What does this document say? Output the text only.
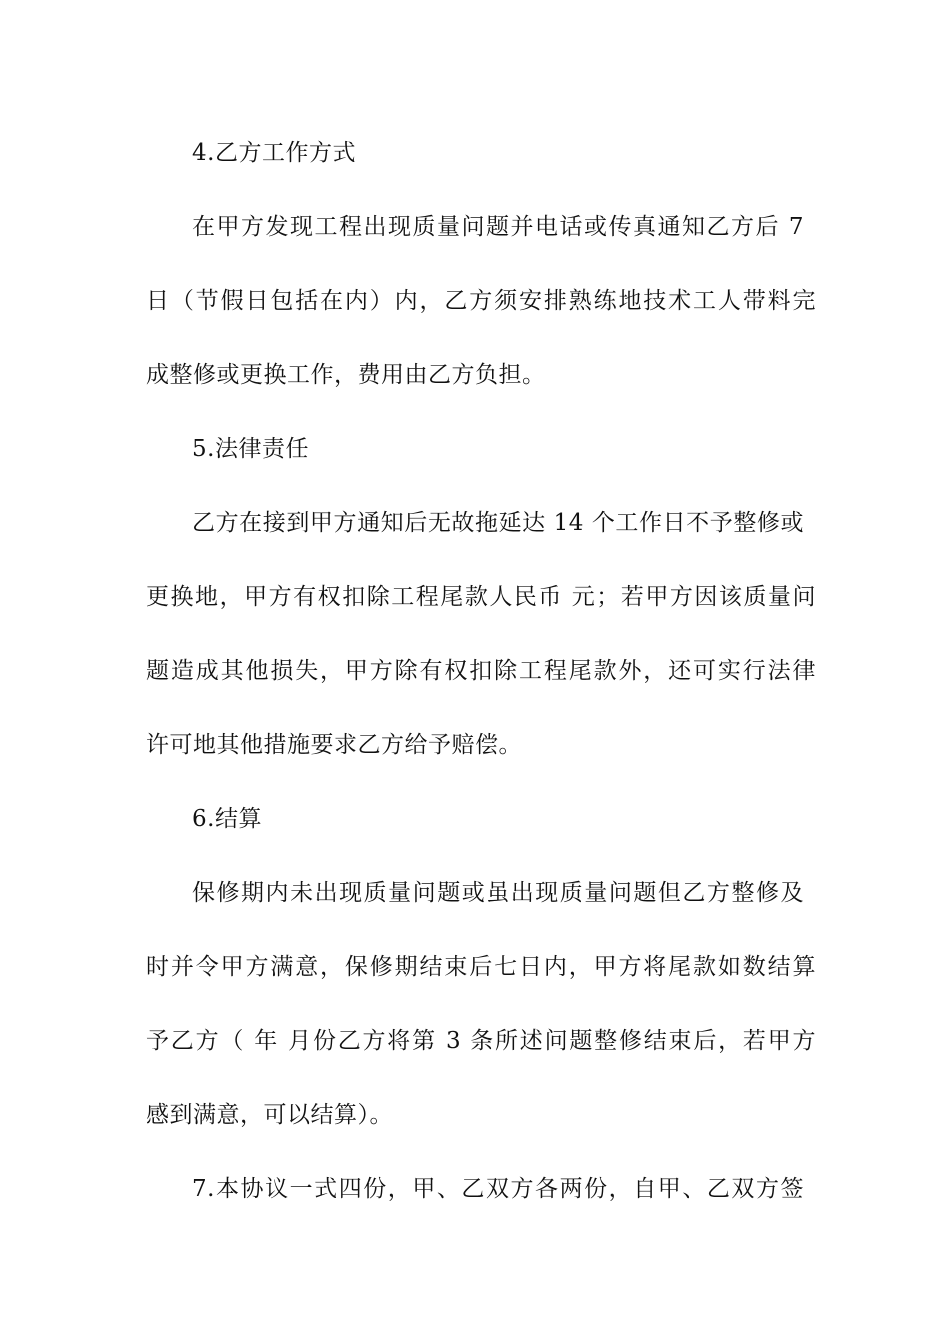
4.乙方工作方式
在甲方发现工程出现质量问题并电话或传真通知乙方后 7
日（节假日包括在内）内，乙方须安排熟练地技术工人带料完
成整修或更换工作，费用由乙方负担。
5.法律责任
乙方在接到甲方通知后无故拖延达 14 个工作日不予整修或
更换地，甲方有权扣除工程尾款人民币 元；若甲方因该质量问
题造成其他损失，甲方除有权扣除工程尾款外，还可实行法律
许可地其他措施要求乙方给予赔偿。
6.结算
保修期内未出现质量问题或虽出现质量问题但乙方整修及
时并令甲方满意，保修期结束后七日内，甲方将尾款如数结算
予乙方（ 年 月份乙方将第 3 条所述问题整修结束后，若甲方
感到满意，可以结算）。
7.本协议一式四份，甲、乙双方各两份，自甲、乙双方签
